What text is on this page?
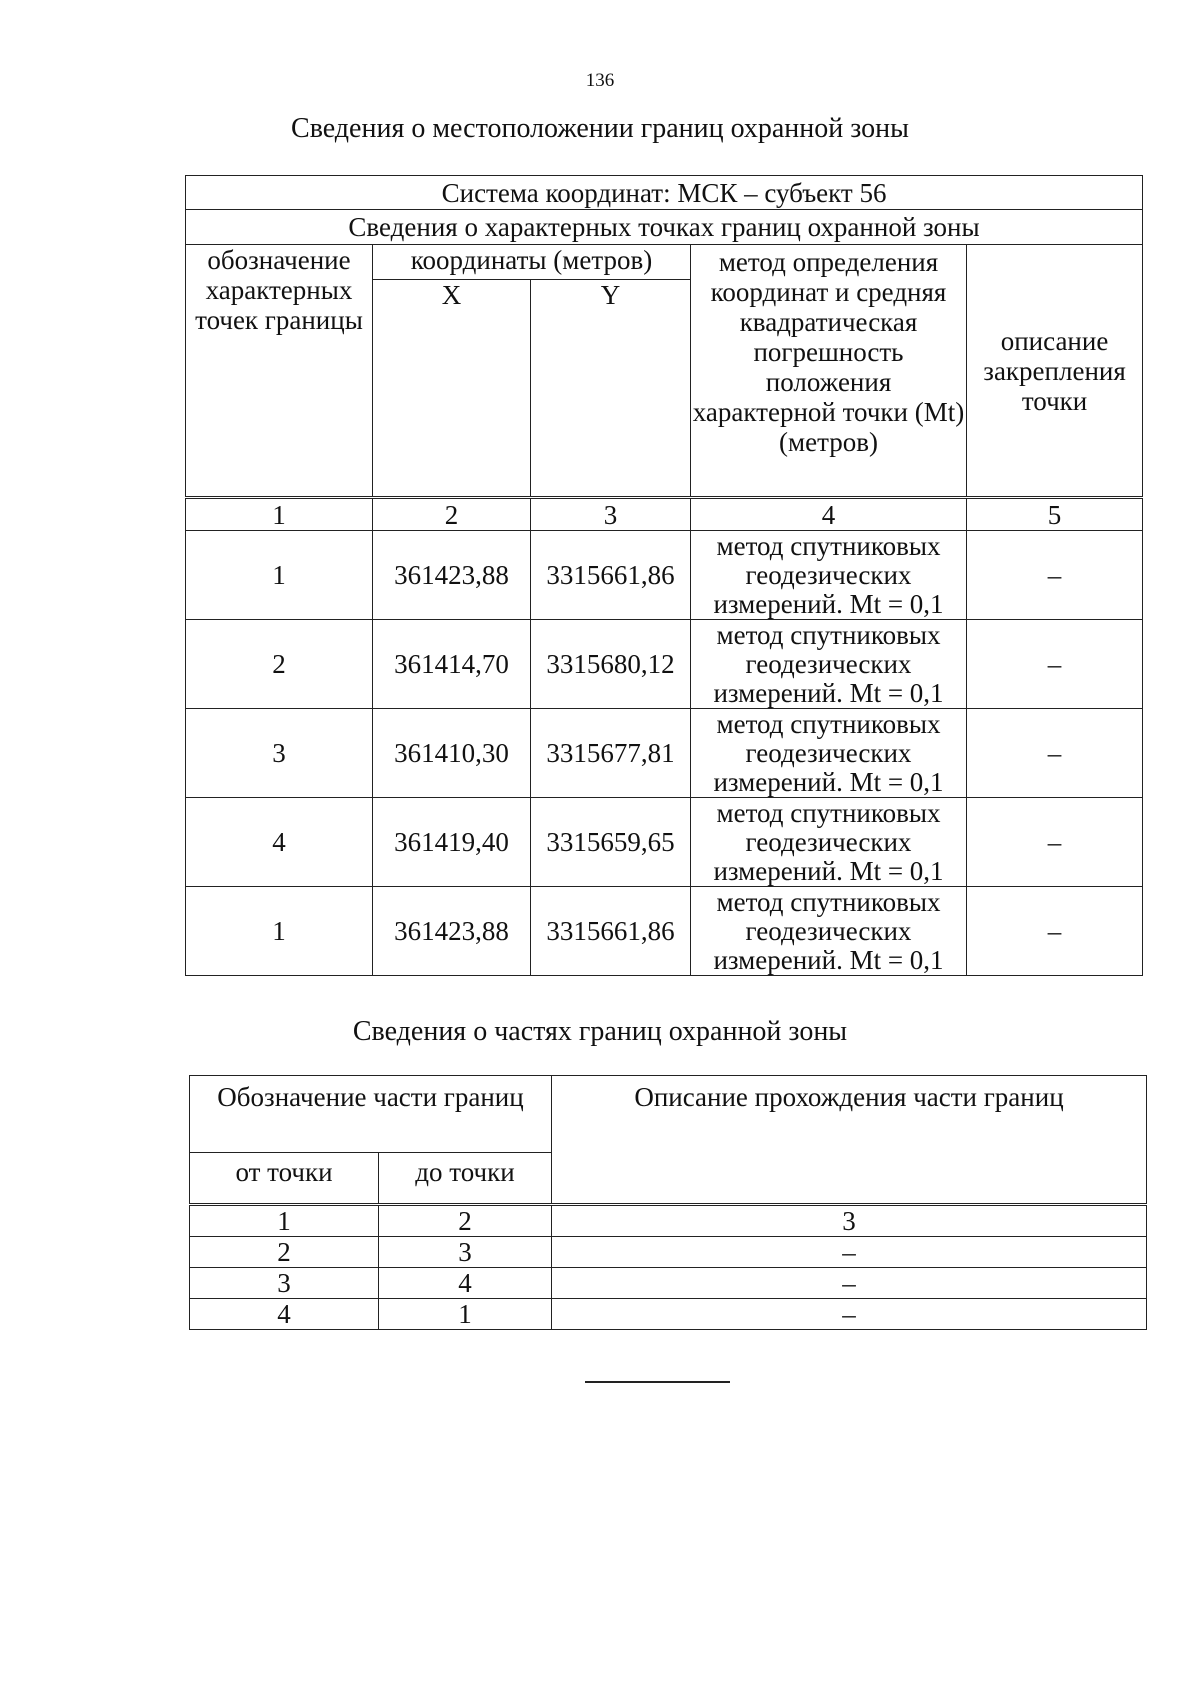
136
Сведения о местоположении границ охранной зоны
Система координат: МСК – субъект 56				
Сведения о характерных точках границ охранной зоны				
обозначение характерных точек границы	координаты (метров)		метод определения координат и средняя квадратическая погрешность положения характерной точки (Mt) (метров)	описание закрепления точки
	X	Y		
1	2	3	4	5
1	361423,88	3315661,86	метод спутниковых геодезических измерений. Mt = 0,1	–
2	361414,70	3315680,12	метод спутниковых геодезических измерений. Mt = 0,1	–
3	361410,30	3315677,81	метод спутниковых геодезических измерений. Mt = 0,1	–
4	361419,40	3315659,65	метод спутниковых геодезических измерений. Mt = 0,1	–
1	361423,88	3315661,86	метод спутниковых геодезических измерений. Mt = 0,1	–
Сведения о частях границ охранной зоны
Обозначение части границ		Описание прохождения части границ
от точки	до точки	
1	2	3
2	3	–
3	4	–
4	1	–
